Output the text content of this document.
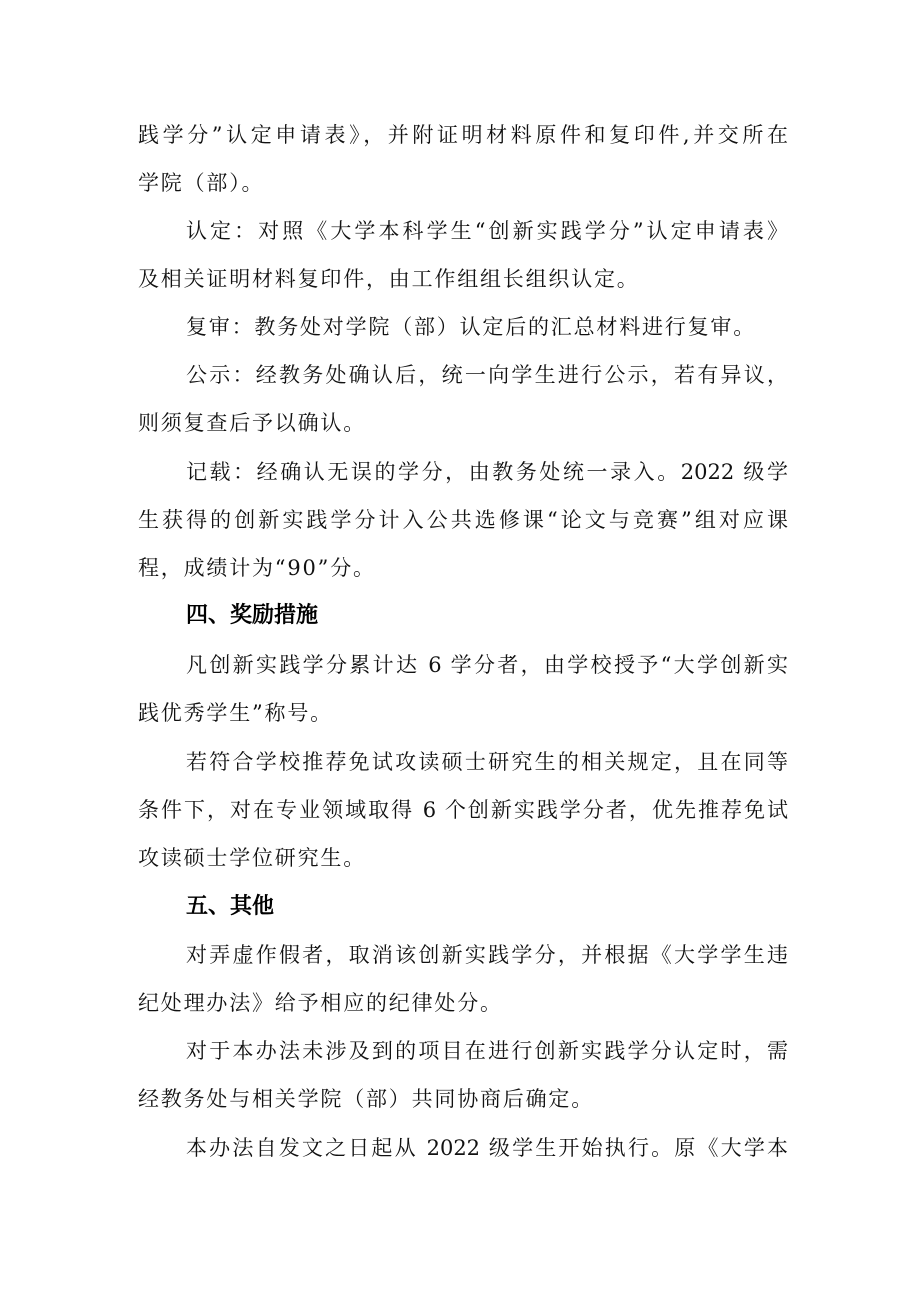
践学分”认定申请表》，并附证明材料原件和复印件,并交所在
学院（部）。
认定：对照《大学本科学生“创新实践学分”认定申请表》
及相关证明材料复印件，由工作组组长组织认定。
复审：教务处对学院（部）认定后的汇总材料进行复审。
公示：经教务处确认后，统一向学生进行公示，若有异议，
则须复查后予以确认。
记载：经确认无误的学分，由教务处统一录入。2022 级学
生获得的创新实践学分计入公共选修课“论文与竞赛”组对应课
程，成绩计为“90”分。
四、奖励措施
凡创新实践学分累计达 6 学分者，由学校授予“大学创新实
践优秀学生”称号。
若符合学校推荐免试攻读硕士研究生的相关规定，且在同等
条件下，对在专业领域取得 6 个创新实践学分者，优先推荐免试
攻读硕士学位研究生。
五、其他
对弄虚作假者，取消该创新实践学分，并根据《大学学生违
纪处理办法》给予相应的纪律处分。
对于本办法未涉及到的项目在进行创新实践学分认定时，需
经教务处与相关学院（部）共同协商后确定。
本办法自发文之日起从 2022 级学生开始执行。原《大学本
